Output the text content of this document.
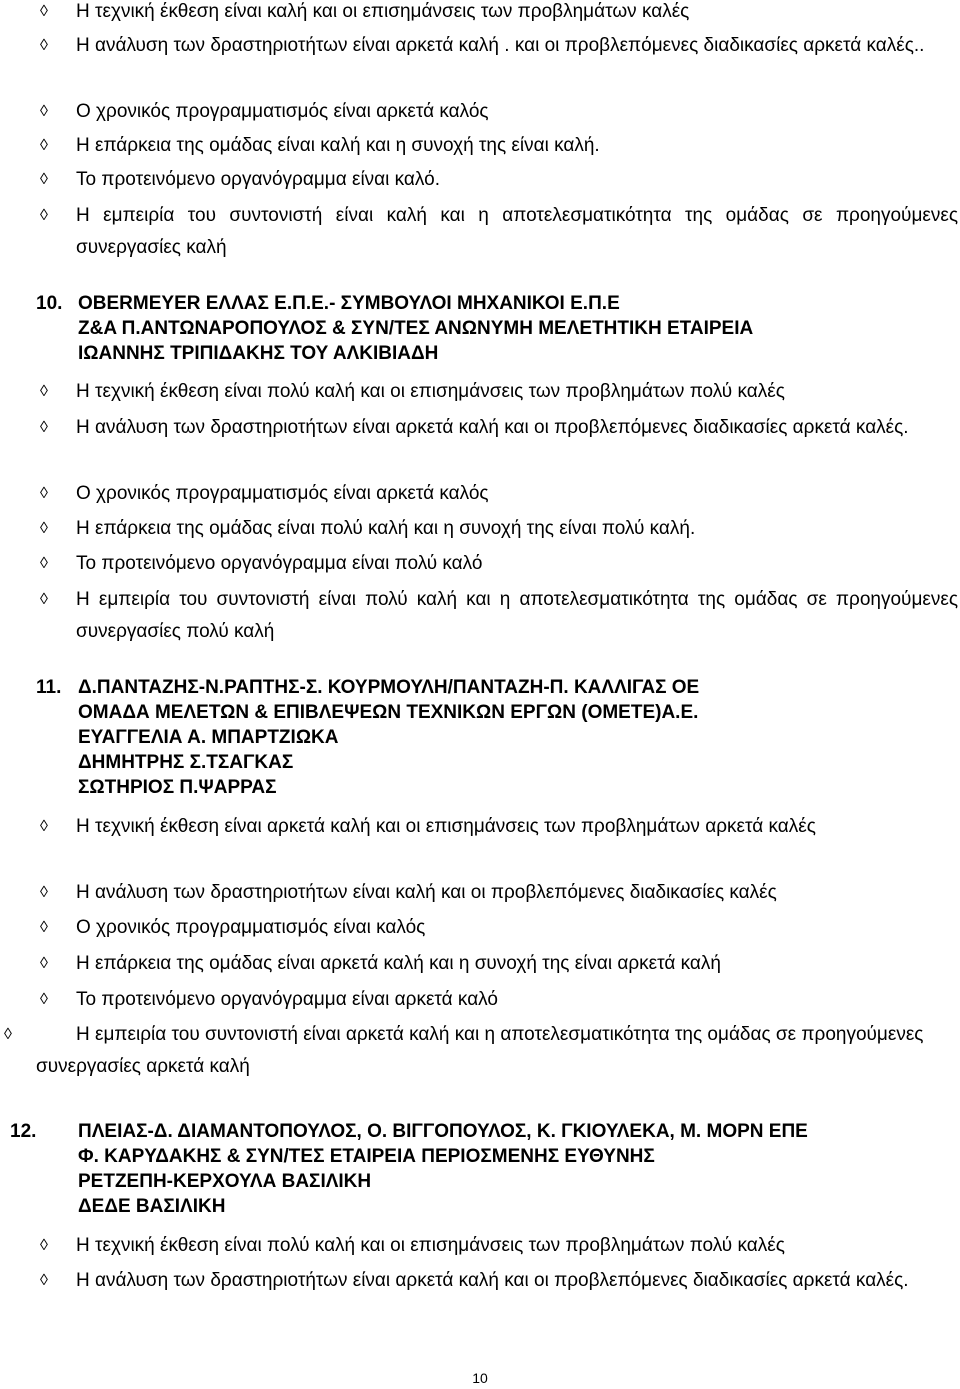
◊ Η τεχνική έκθεση είναι καλή και οι επισημάνσεις των προβλημάτων καλές
◊ Η ανάλυση των δραστηριοτήτων είναι αρκετά καλή . και οι προβλεπόμενες διαδικασίες αρκετά καλές..
◊ Ο χρονικός προγραμματισμός είναι αρκετά καλός
◊ Η επάρκεια της ομάδας είναι καλή και η συνοχή της είναι καλή.
◊ Το προτεινόμενο οργανόγραμμα είναι καλό.
◊ Η εμπειρία του συντονιστή είναι καλή και η αποτελεσματικότητα της ομάδας σε προηγούμενες συνεργασίες καλή
10. OBERMEYER ΕΛΛΑΣ Ε.Π.Ε.- ΣΥΜΒΟΥΛΟΙ ΜΗΧΑΝΙΚΟΙ Ε.Π.Ε
Z&A Π.ΑΝΤΩΝΑΡΟΠΟΥΛΟΣ & ΣΥΝ/ΤΕΣ ΑΝΩΝΥΜΗ ΜΕΛΕΤΗΤΙΚΗ ΕΤΑΙΡΕΙΑ
ΙΩΑΝΝΗΣ ΤΡΙΠΙΔΑΚΗΣ ΤΟΥ ΑΛΚΙΒΙΑΔΗ
◊ Η τεχνική έκθεση είναι πολύ καλή και οι επισημάνσεις των προβλημάτων πολύ καλές
◊ Η ανάλυση των δραστηριοτήτων είναι αρκετά καλή και οι προβλεπόμενες διαδικασίες αρκετά καλές.
◊ Ο χρονικός προγραμματισμός είναι αρκετά καλός
◊ Η επάρκεια της ομάδας είναι πολύ καλή και η συνοχή της είναι πολύ καλή.
◊ Το προτεινόμενο οργανόγραμμα είναι πολύ καλό
◊ Η εμπειρία του συντονιστή είναι πολύ καλή και η αποτελεσματικότητα της ομάδας σε προηγούμενες συνεργασίες πολύ καλή
11. Δ.ΠΑΝΤΑΖΗΣ-Ν.ΡΑΠΤΗΣ-Σ. ΚΟΥΡΜΟΥΛΗ/ΠΑΝΤΑΖΗ-Π. ΚΑΛΛΙΓΑΣ ΟΕ
ΟΜΑΔΑ ΜΕΛΕΤΩΝ & ΕΠΙΒΛΕΨΕΩΝ ΤΕΧΝΙΚΩΝ ΕΡΓΩΝ (ΟΜΕΤΕ)Α.Ε.
ΕΥΑΓΓΕΛΙΑ Α. ΜΠΑΡΤΖΙΩΚΑ
ΔΗΜΗΤΡΗΣ Σ.ΤΣΑΓΚΑΣ
ΣΩΤΗΡΙΟΣ Π.ΨΑΡΡΑΣ
◊ Η τεχνική έκθεση είναι αρκετά καλή και οι επισημάνσεις των προβλημάτων αρκετά καλές
◊ Η ανάλυση των δραστηριοτήτων είναι καλή και οι προβλεπόμενες διαδικασίες καλές
◊ Ο χρονικός προγραμματισμός είναι καλός
◊ Η επάρκεια της ομάδας είναι αρκετά καλή και η συνοχή της είναι αρκετά καλή
◊ Το προτεινόμενο οργανόγραμμα είναι αρκετά καλό
◊	Η εμπειρία του συντονιστή είναι αρκετά καλή και η αποτελεσματικότητα της ομάδας σε προηγούμενες συνεργασίες αρκετά καλή
12. ΠΛΕΙΑΣ-Δ. ΔΙΑΜΑΝΤΟΠΟΥΛΟΣ, Ο. ΒΙΓΓΟΠΟΥΛΟΣ, Κ. ΓΚΙΟΥΛΕΚΑ, Μ. ΜΟΡΝ ΕΠΕ
Φ. ΚΑΡΥΔΑΚΗΣ & ΣΥΝ/ΤΕΣ ΕΤΑΙΡΕΙΑ ΠΕΡΙΟΣΜΕΝΗΣ ΕΥΘΥΝΗΣ
ΡΕΤΖΕΠΗ-ΚΕΡΧΟΥΛΑ ΒΑΣΙΛΙΚΗ
ΔΕΔΕ ΒΑΣΙΛΙΚΗ
◊ Η τεχνική έκθεση είναι πολύ καλή και οι επισημάνσεις των προβλημάτων πολύ καλές
◊ Η ανάλυση των δραστηριοτήτων είναι αρκετά καλή και οι προβλεπόμενες διαδικασίες αρκετά καλές.
10
